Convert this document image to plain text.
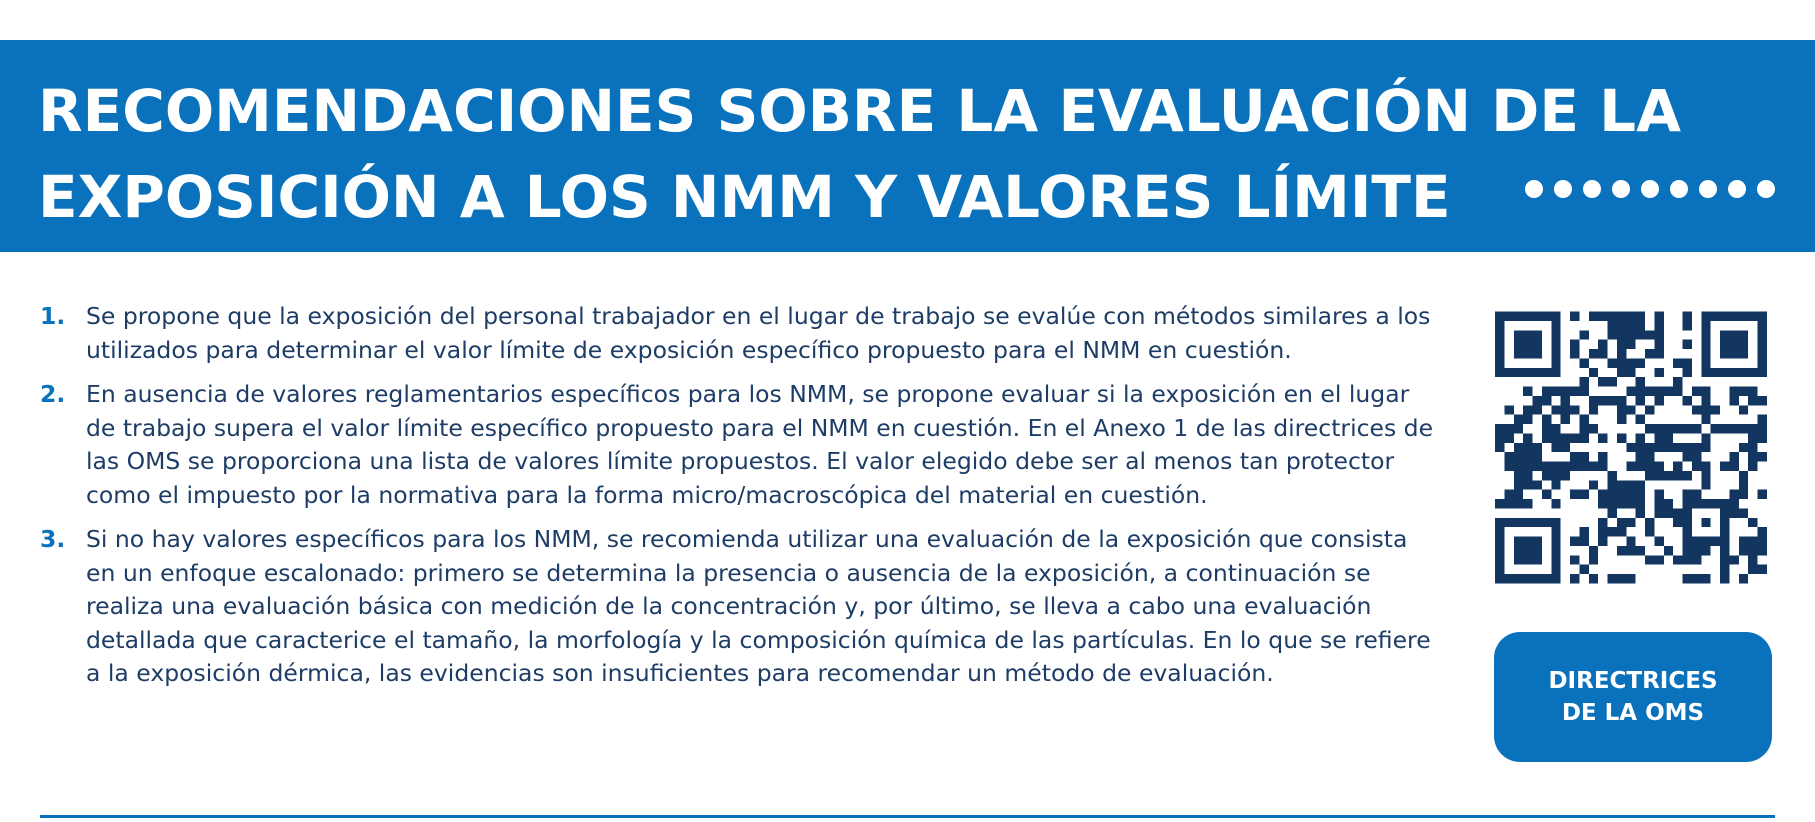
RECOMENDACIONES SOBRE LA EVALUACIÓN DE LA
EXPOSICIÓN A LOS NMM Y VALORES LÍMITE
1. Se propone que la exposición del personal trabajador en el lugar de trabajo se evalúe con métodos similares a los utilizados para determinar el valor límite de exposición específico propuesto para el NMM en cuestión.
2. En ausencia de valores reglamentarios específicos para los NMM, se propone evaluar si la exposición en el lugar de trabajo supera el valor límite específico propuesto para el NMM en cuestión. En el Anexo 1 de las directrices de las OMS se proporciona una lista de valores límite propuestos. El valor elegido debe ser al menos tan protector como el impuesto por la normativa para la forma micro/macroscópica del material en cuestión.
3. Si no hay valores específicos para los NMM, se recomienda utilizar una evaluación de la exposición que consista en un enfoque escalonado: primero se determina la presencia o ausencia de la exposición, a continuación se realiza una evaluación básica con medición de la concentración y, por último, se lleva a cabo una evaluación detallada que caracterice el tamaño, la morfología y la composición química de las partículas. En lo que se refiere a la exposición dérmica, las evidencias son insuficientes para recomendar un método de evaluación.	DIRECTRICES
DE LA OMS
